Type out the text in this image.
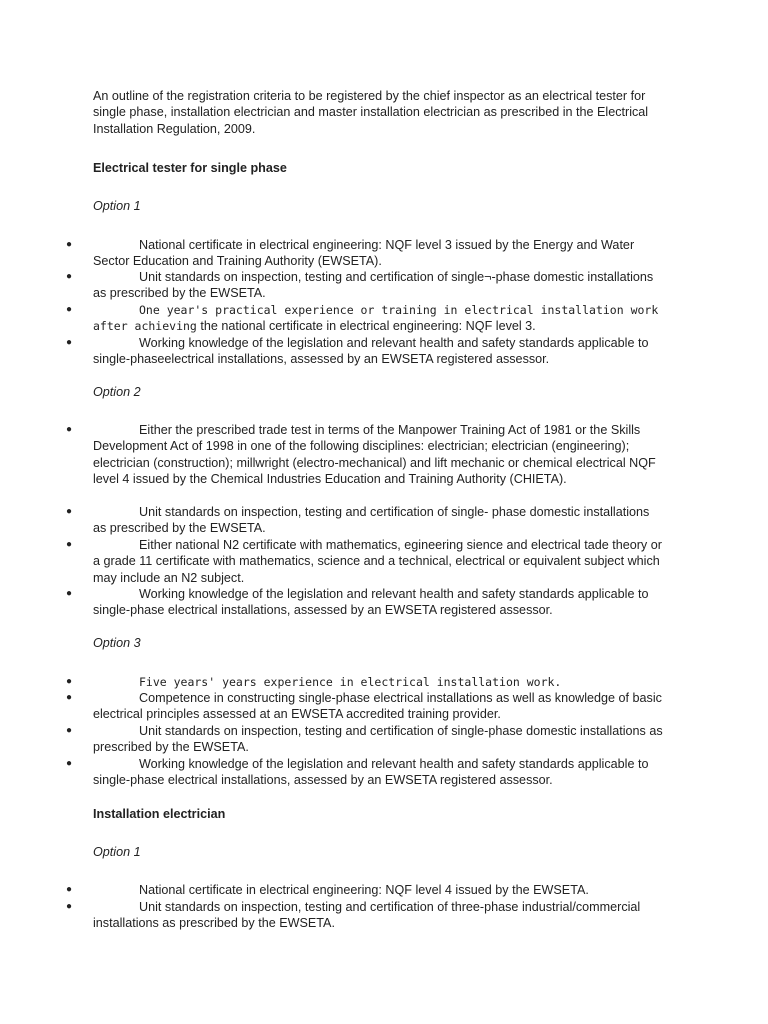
An outline of the registration criteria to be registered by the chief inspector as an electrical tester for single phase, installation electrician and master installation electrician as prescribed in the Electrical Installation Regulation, 2009.

Electrical tester for single phase

Option 1

●	National certificate in electrical engineering: NQF level 3 issued by the Energy and Water Sector Education and Training Authority (EWSETA).
●	Unit standards on inspection, testing and certification of single¬-phase domestic installations as prescribed by the EWSETA.
●	One year's practical experience or training in electrical installation work after achieving the national certificate in electrical engineering: NQF level 3.
●	Working knowledge of the legislation and relevant health and safety standards applicable to single-phaseelectrical installations, assessed by an EWSETA registered assessor.

Option 2

●	Either the prescribed trade test in terms of the Manpower Training Act of 1981 or the Skills Development Act of 1998 in one of the following disciplines: electrician; electrician (engineering); electrician (construction); millwright (electro-mechanical) and lift mechanic or chemical electrical NQF level 4 issued by the Chemical Industries Education and Training Authority (CHIETA).
●	Unit standards on inspection, testing and certification of single- phase domestic installations as prescribed by the EWSETA.
●	Either national N2 certificate with mathematics, egineering sience and electrical tade theory or a grade 11 certificate with mathematics, science and a technical, electrical or equivalent subject which may include an N2 subject.
●	Working knowledge of the legislation and relevant health and safety standards applicable to single-phase electrical installations, assessed by an EWSETA registered assessor.

Option 3

●	Five years' years experience in electrical installation work.
●	Competence in constructing single-phase electrical installations as well as knowledge of basic electrical principles assessed at an EWSETA accredited training provider.
●	Unit standards on inspection, testing and certification of single-phase domestic installations as prescribed by the EWSETA.
●	Working knowledge of the legislation and relevant health and safety standards applicable to single-phase electrical installations, assessed by an EWSETA registered assessor.

Installation electrician

Option 1

●	National certificate in electrical engineering: NQF level 4 issued by the EWSETA.
●	Unit standards on inspection, testing and certification of three-phase industrial/commercial installations as prescribed by the EWSETA.
